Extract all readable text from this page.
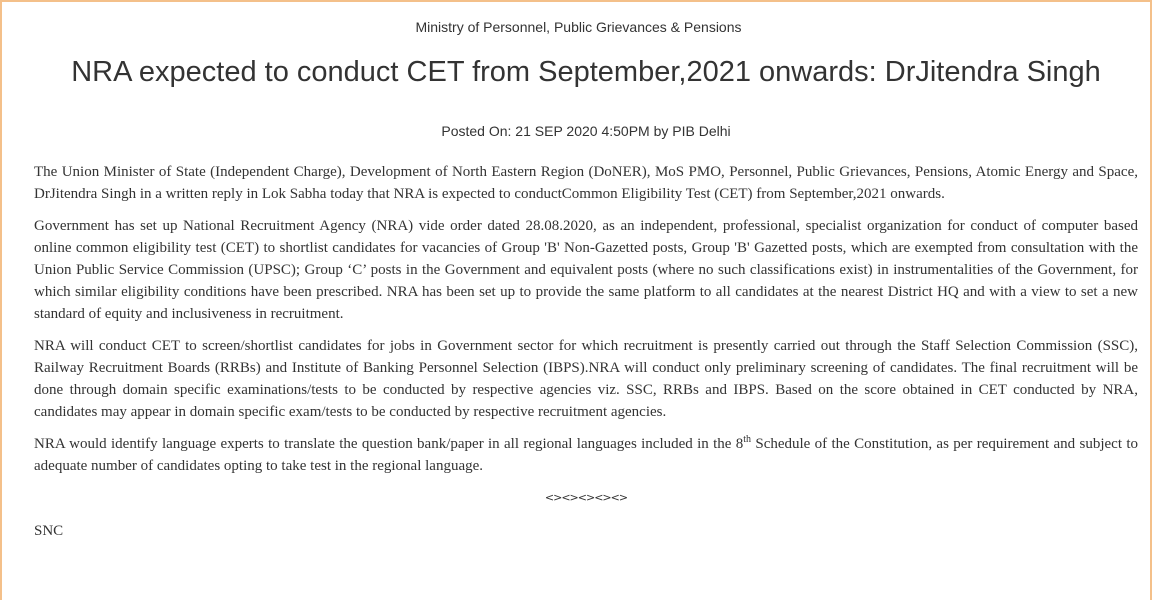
Ministry of Personnel, Public Grievances & Pensions
NRA expected to conduct CET from September,2021 onwards: DrJitendra Singh
Posted On: 21 SEP 2020 4:50PM by PIB Delhi

The Union Minister of State (Independent Charge), Development of North Eastern Region (DoNER), MoS PMO, Personnel, Public Grievances, Pensions, Atomic Energy and Space, DrJitendra Singh in a written reply in Lok Sabha today that NRA is expected to conductCommon Eligibility Test (CET) from September,2021 onwards.

Government has set up National Recruitment Agency (NRA) vide order dated 28.08.2020, as an independent, professional, specialist organization for conduct of computer based online common eligibility test (CET) to shortlist candidates for vacancies of Group 'B' Non-Gazetted posts, Group 'B' Gazetted posts, which are exempted from consultation with the Union Public Service Commission (UPSC); Group ‘C’ posts in the Government and equivalent posts (where no such classifications exist) in instrumentalities of the Government, for which similar eligibility conditions have been prescribed. NRA has been set up to provide the same platform to all candidates at the nearest District HQ and with a view to set a new standard of equity and inclusiveness in recruitment.

NRA will conduct CET to screen/shortlist candidates for jobs in Government sector for which recruitment is presently carried out through the Staff Selection Commission (SSC), Railway Recruitment Boards (RRBs) and Institute of Banking Personnel Selection (IBPS).NRA will conduct only preliminary screening of candidates. The final recruitment will be done through domain specific examinations/tests to be conducted by respective agencies viz. SSC, RRBs and IBPS. Based on the score obtained in CET conducted by NRA, candidates may appear in domain specific exam/tests to be conducted by respective recruitment agencies.

NRA would identify language experts to translate the question bank/paper in all regional languages included in the 8th Schedule of the Constitution, as per requirement and subject to adequate number of candidates opting to take test in the regional language.

<><><><><>
SNC
